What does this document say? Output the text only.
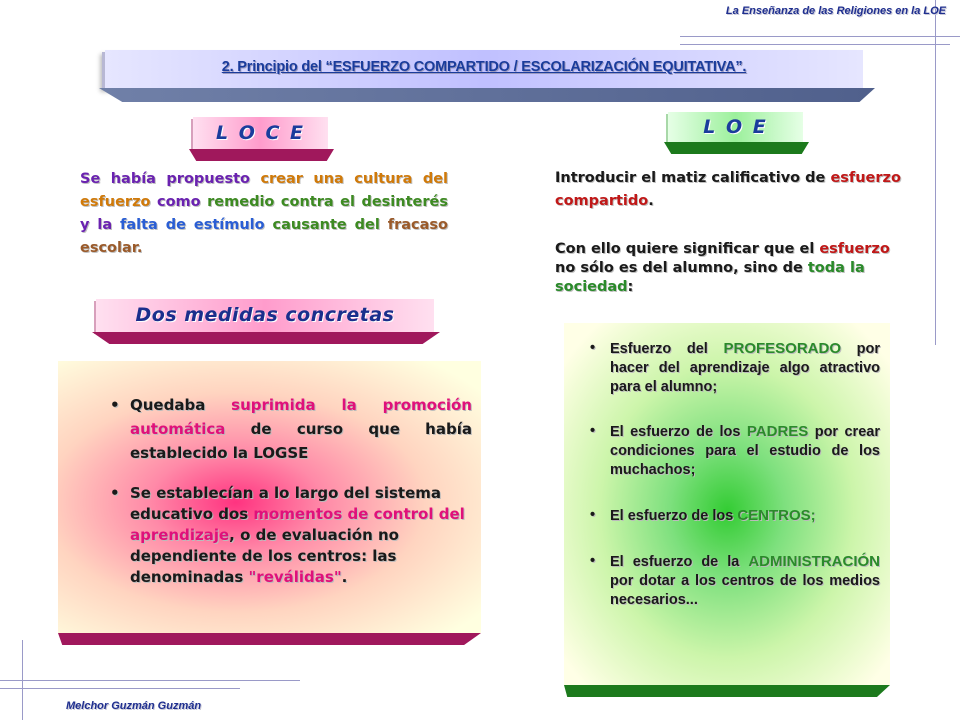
La Enseñanza de las Religiones en la LOE
2. Principio del “ESFUERZO COMPARTIDO / ESCOLARIZACIÓN EQUITATIVA”.
L O C E	L O E
Se había propuesto crear una cultura del esfuerzo como remedio contra el desinterés y la falta de estímulo causante del fracaso escolar.
Introducir el matiz calificativo de esfuerzo compartido.
Con ello quiere significar que el esfuerzo no sólo es del alumno, sino de toda la sociedad:
Dos medidas concretas
• Quedaba suprimida la promoción automática de curso que había establecido la LOGSE
• Se establecían a lo largo del sistema educativo dos momentos de control del aprendizaje, o de evaluación no dependiente de los centros: las denominadas "reválidas".
• Esfuerzo del PROFESORADO por hacer del aprendizaje algo atractivo para el alumno;
• El esfuerzo de los PADRES por crear condiciones para el estudio de los muchachos;
• El esfuerzo de los CENTROS;
• El esfuerzo de la ADMINISTRACIÓN por dotar a los centros de los medios necesarios...
Melchor Guzmán Guzmán
